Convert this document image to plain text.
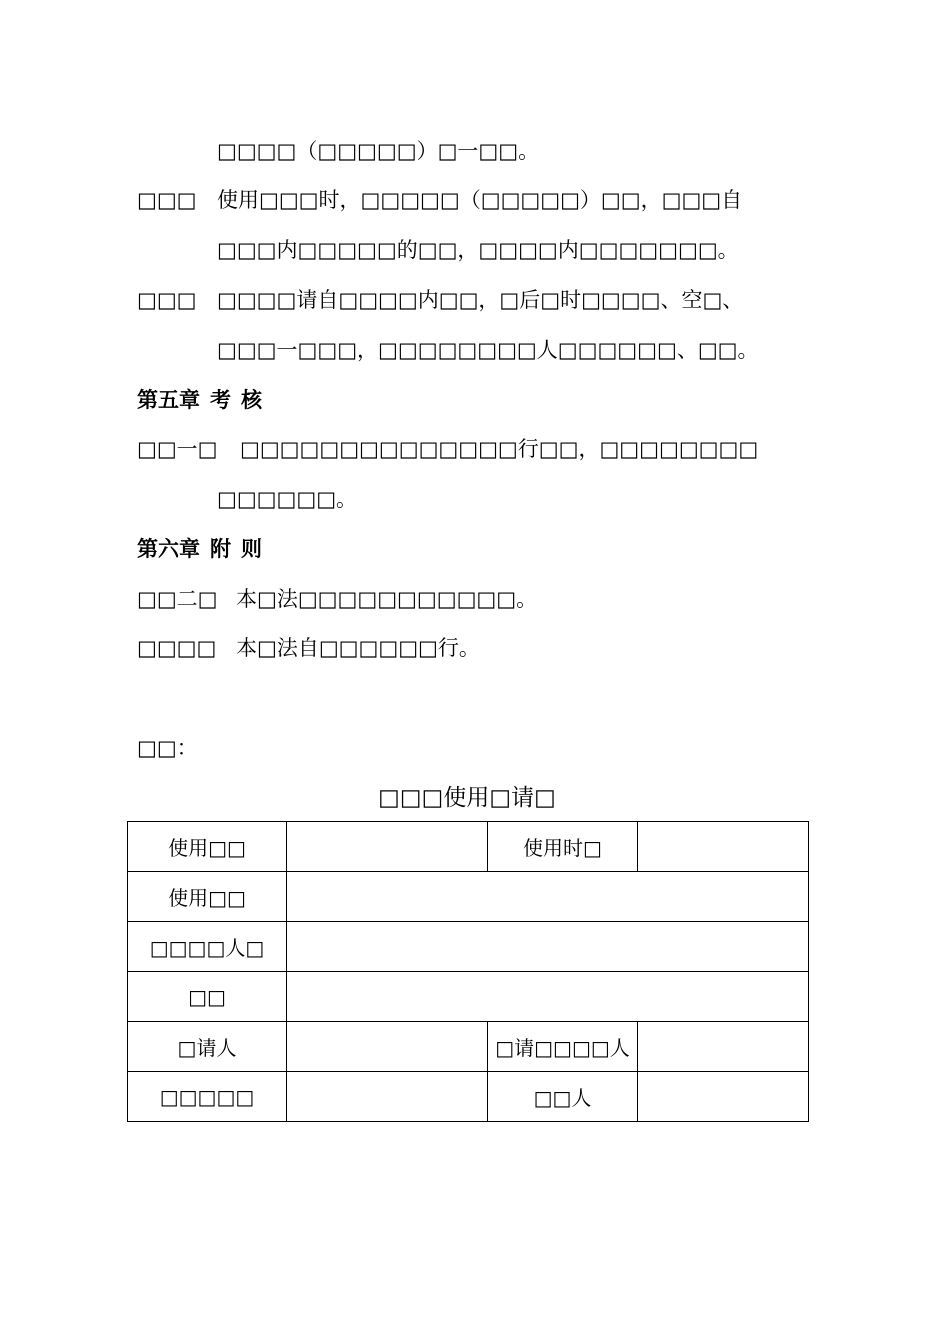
□□□□（□□□□□）□一□□。
□□□ 使用□□□时，□□□□□（□□□□□）□□，□□□自
□□□内□□□□□的□□，□□□□内□□□□□□□。
□□□ □□□□请自□□□□内□□，□后□时□□□□、空□、
□□□一□□□，□□□□□□□□人□□□□□□、□□。
第五章 考 核
□□一□ □□□□□□□□□□□□□□行□□，□□□□□□□□
□□□□□□。
第六章 附 则
□□二□ 本□法□□□□□□□□□□□。
□□□□ 本□法自□□□□□□行。
□□：
□□□使用□请□
使用□□		使用时□	
使用□□			
□□□□人□			
□□			
□请人		□请□□□□人	
□□□□□		□□人	
